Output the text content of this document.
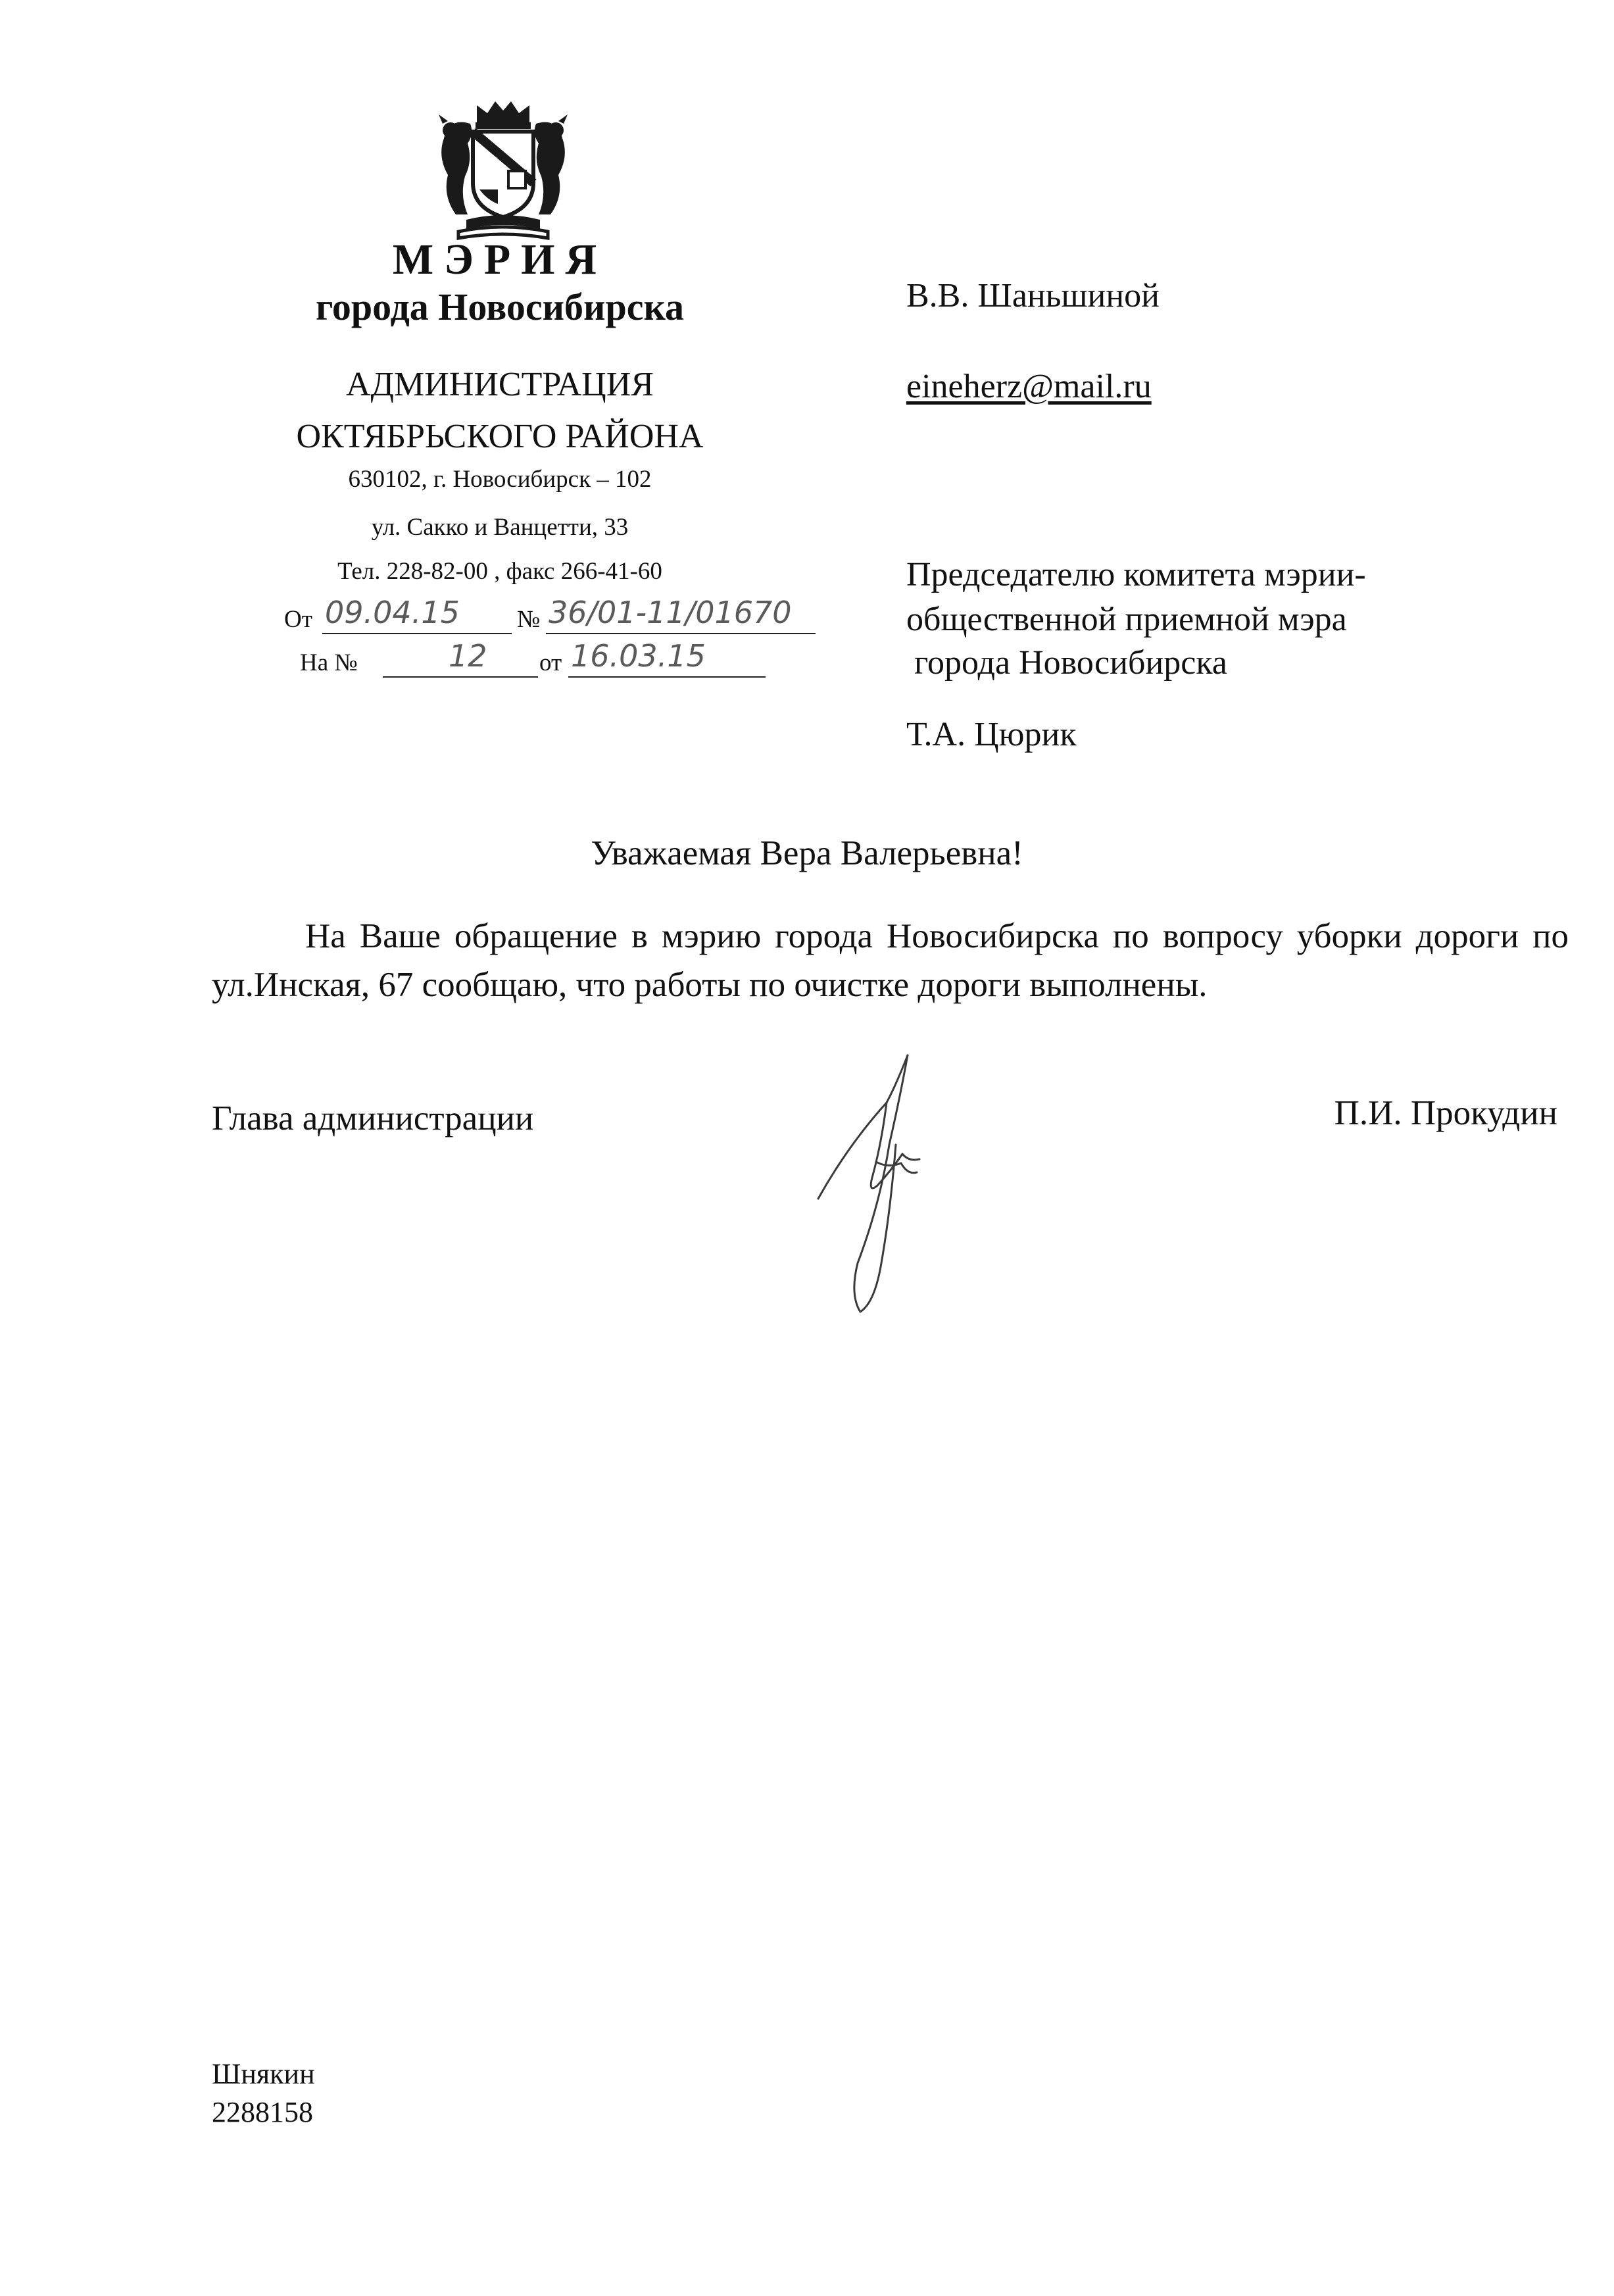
МЭРИЯ
города Новосибирска
АДМИНИСТРАЦИЯ
ОКТЯБРЬСКОГО РАЙОНА
630102, г. Новосибирск – 102
ул. Сакко и Ванцетти, 33
Тел. 228-82-00 , факс 266-41-60
От 09.04.15 № 36/01-11/01670
На №	12 от 16.03.15
В.В. Шаньшиной
eineherz@mail.ru
Председателю комитета мэрии-
общественной приемной мэра
города Новосибирска
Т.А. Цюрик
Уважаемая Вера Валерьевна!
На Ваше обращение в мэрию города Новосибирска по вопросу уборки дороги по ул.Инская, 67 сообщаю, что работы по очистке дороги выполнены.
Глава администрации	П.И. Прокудин
Шнякин
2288158
